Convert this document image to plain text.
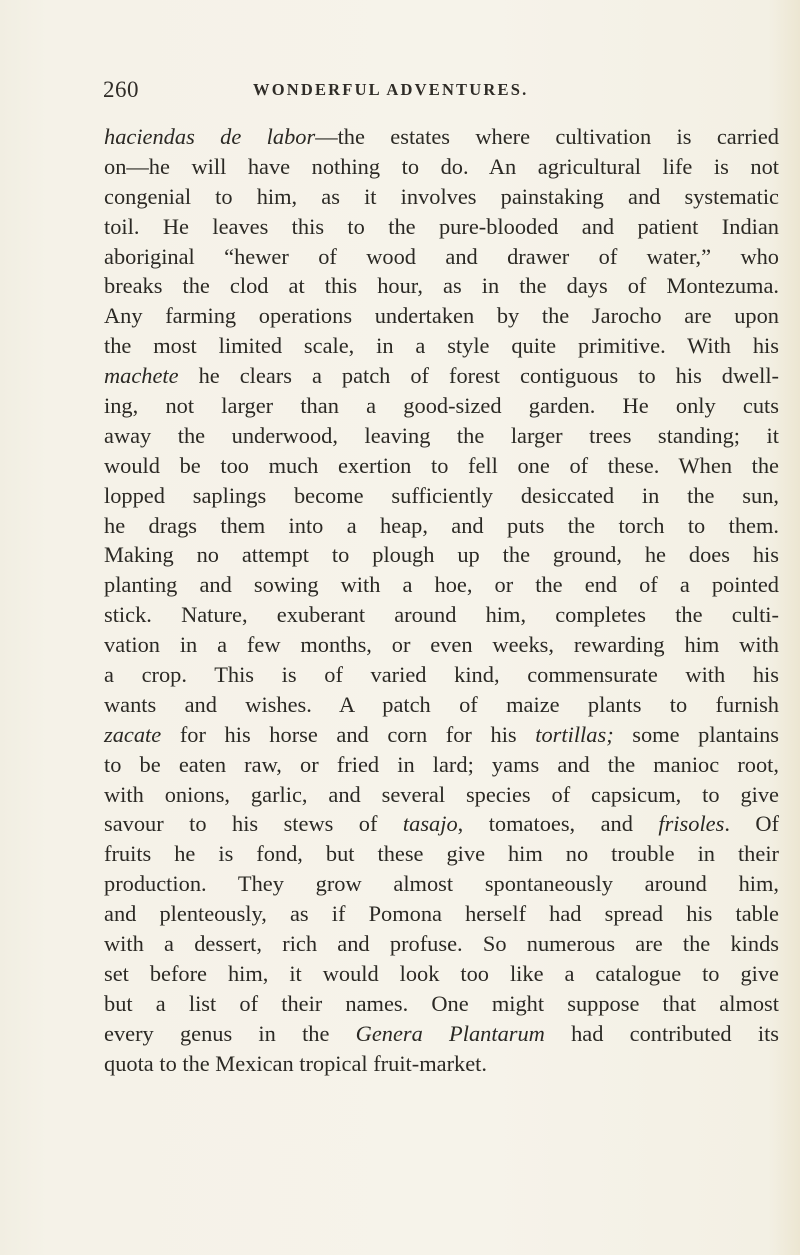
260	WONDERFUL ADVENTURES.
haciendas de labor—the estates where cultivation is carried
on—he will have nothing to do. An agricultural life is not
congenial to him, as it involves painstaking and systematic
toil. He leaves this to the pure-blooded and patient Indian
aboriginal “hewer of wood and drawer of water,” who
breaks the clod at this hour, as in the days of Montezuma.
Any farming operations undertaken by the Jarocho are upon
the most limited scale, in a style quite primitive. With his
machete he clears a patch of forest contiguous to his dwell-
ing, not larger than a good-sized garden. He only cuts
away the underwood, leaving the larger trees standing; it
would be too much exertion to fell one of these. When the
lopped saplings become sufficiently desiccated in the sun,
he drags them into a heap, and puts the torch to them.
Making no attempt to plough up the ground, he does his
planting and sowing with a hoe, or the end of a pointed
stick. Nature, exuberant around him, completes the culti-
vation in a few months, or even weeks, rewarding him with
a crop. This is of varied kind, commensurate with his
wants and wishes. A patch of maize plants to furnish
zacate for his horse and corn for his tortillas; some plantains
to be eaten raw, or fried in lard; yams and the manioc root,
with onions, garlic, and several species of capsicum, to give
savour to his stews of tasajo, tomatoes, and frisoles. Of
fruits he is fond, but these give him no trouble in their
production. They grow almost spontaneously around him,
and plenteously, as if Pomona herself had spread his table
with a dessert, rich and profuse. So numerous are the kinds
set before him, it would look too like a catalogue to give
but a list of their names. One might suppose that almost
every genus in the Genera Plantarum had contributed its
quota to the Mexican tropical fruit-market.
